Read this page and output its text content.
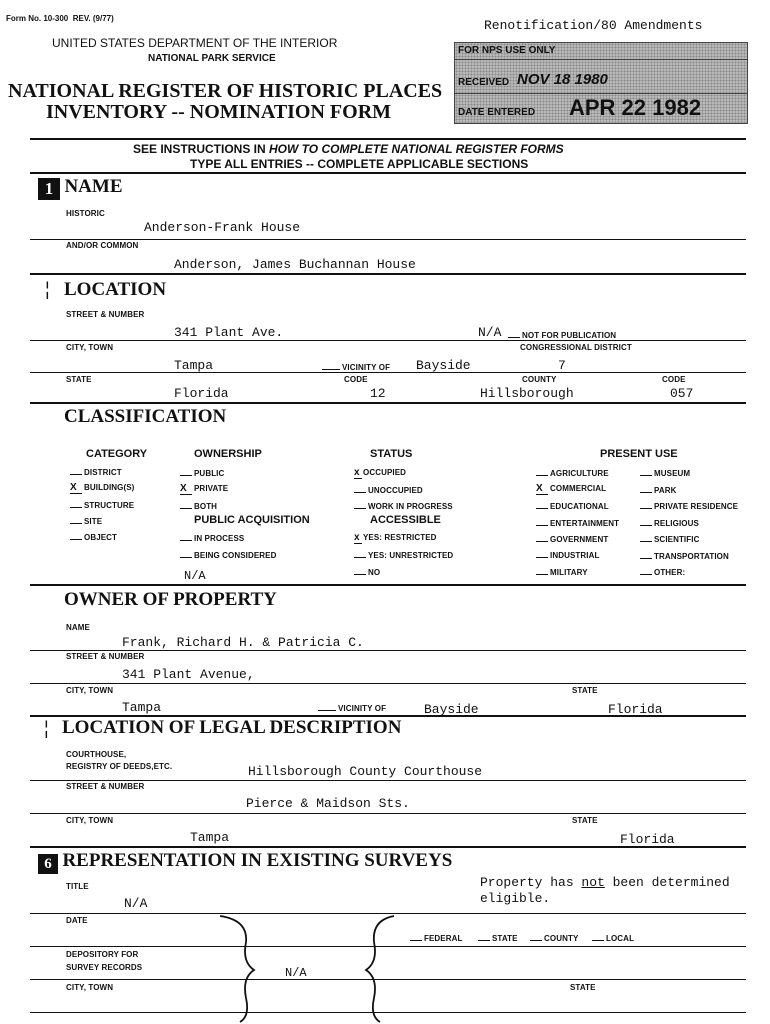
Form No. 10-300 REV. (9/77)
UNITED STATES DEPARTMENT OF THE INTERIOR
NATIONAL PARK SERVICE
NATIONAL REGISTER OF HISTORIC PLACES
INVENTORY -- NOMINATION FORM
Renotification/80 Amendments
FOR NPS USE ONLY
RECEIVED NOV 18 1980
DATE ENTERED APR 22 1982
SEE INSTRUCTIONS IN HOW TO COMPLETE NATIONAL REGISTER FORMS
TYPE ALL ENTRIES -- COMPLETE APPLICABLE SECTIONS
1 NAME
HISTORIC
Anderson-Frank House
AND/OR COMMON
Anderson, James Buchannan House
¦ LOCATION
STREET & NUMBER
341 Plant Ave.	N/A	NOT FOR PUBLICATION
CITY, TOWN	CONGRESSIONAL DISTRICT
Tampa	VICINITY OF Bayside	7
STATE	CODE	COUNTY	CODE
Florida	12	Hillsborough	057
CLASSIFICATION
CATEGORY	OWNERSHIP	STATUS	PRESENT USE
DISTRICT
X BUILDING(S)
STRUCTURE
SITE
OBJECT
PUBLIC
X PRIVATE
BOTH
PUBLIC ACQUISITION
IN PROCESS
BEING CONSIDERED
N/A
x OCCUPIED
UNOCCUPIED
WORK IN PROGRESS
ACCESSIBLE
x YES: RESTRICTED
YES: UNRESTRICTED
NO
AGRICULTURE
X COMMERCIAL
EDUCATIONAL
ENTERTAINMENT
GOVERNMENT
INDUSTRIAL
MILITARY
MUSEUM
PARK
PRIVATE RESIDENCE
RELIGIOUS
SCIENTIFIC
TRANSPORTATION
OTHER:
OWNER OF PROPERTY
NAME
Frank, Richard H. & Patricia C.
STREET & NUMBER
341 Plant Avenue,
CITY, TOWN	STATE
Tampa	VICINITY OF	Bayside	Florida
¦ LOCATION OF LEGAL DESCRIPTION
COURTHOUSE,
REGISTRY OF DEEDS,ETC.	Hillsborough County Courthouse
STREET & NUMBER
Pierce & Maidson Sts.
CITY, TOWN	STATE
Tampa	Florida
6 REPRESENTATION IN EXISTING SURVEYS
TITLE
N/A
Property has not been determined
eligible.
DATE
FEDERAL	STATE	COUNTY	LOCAL
DEPOSITORY FOR
SURVEY RECORDS	N/A
CITY, TOWN	STATE
